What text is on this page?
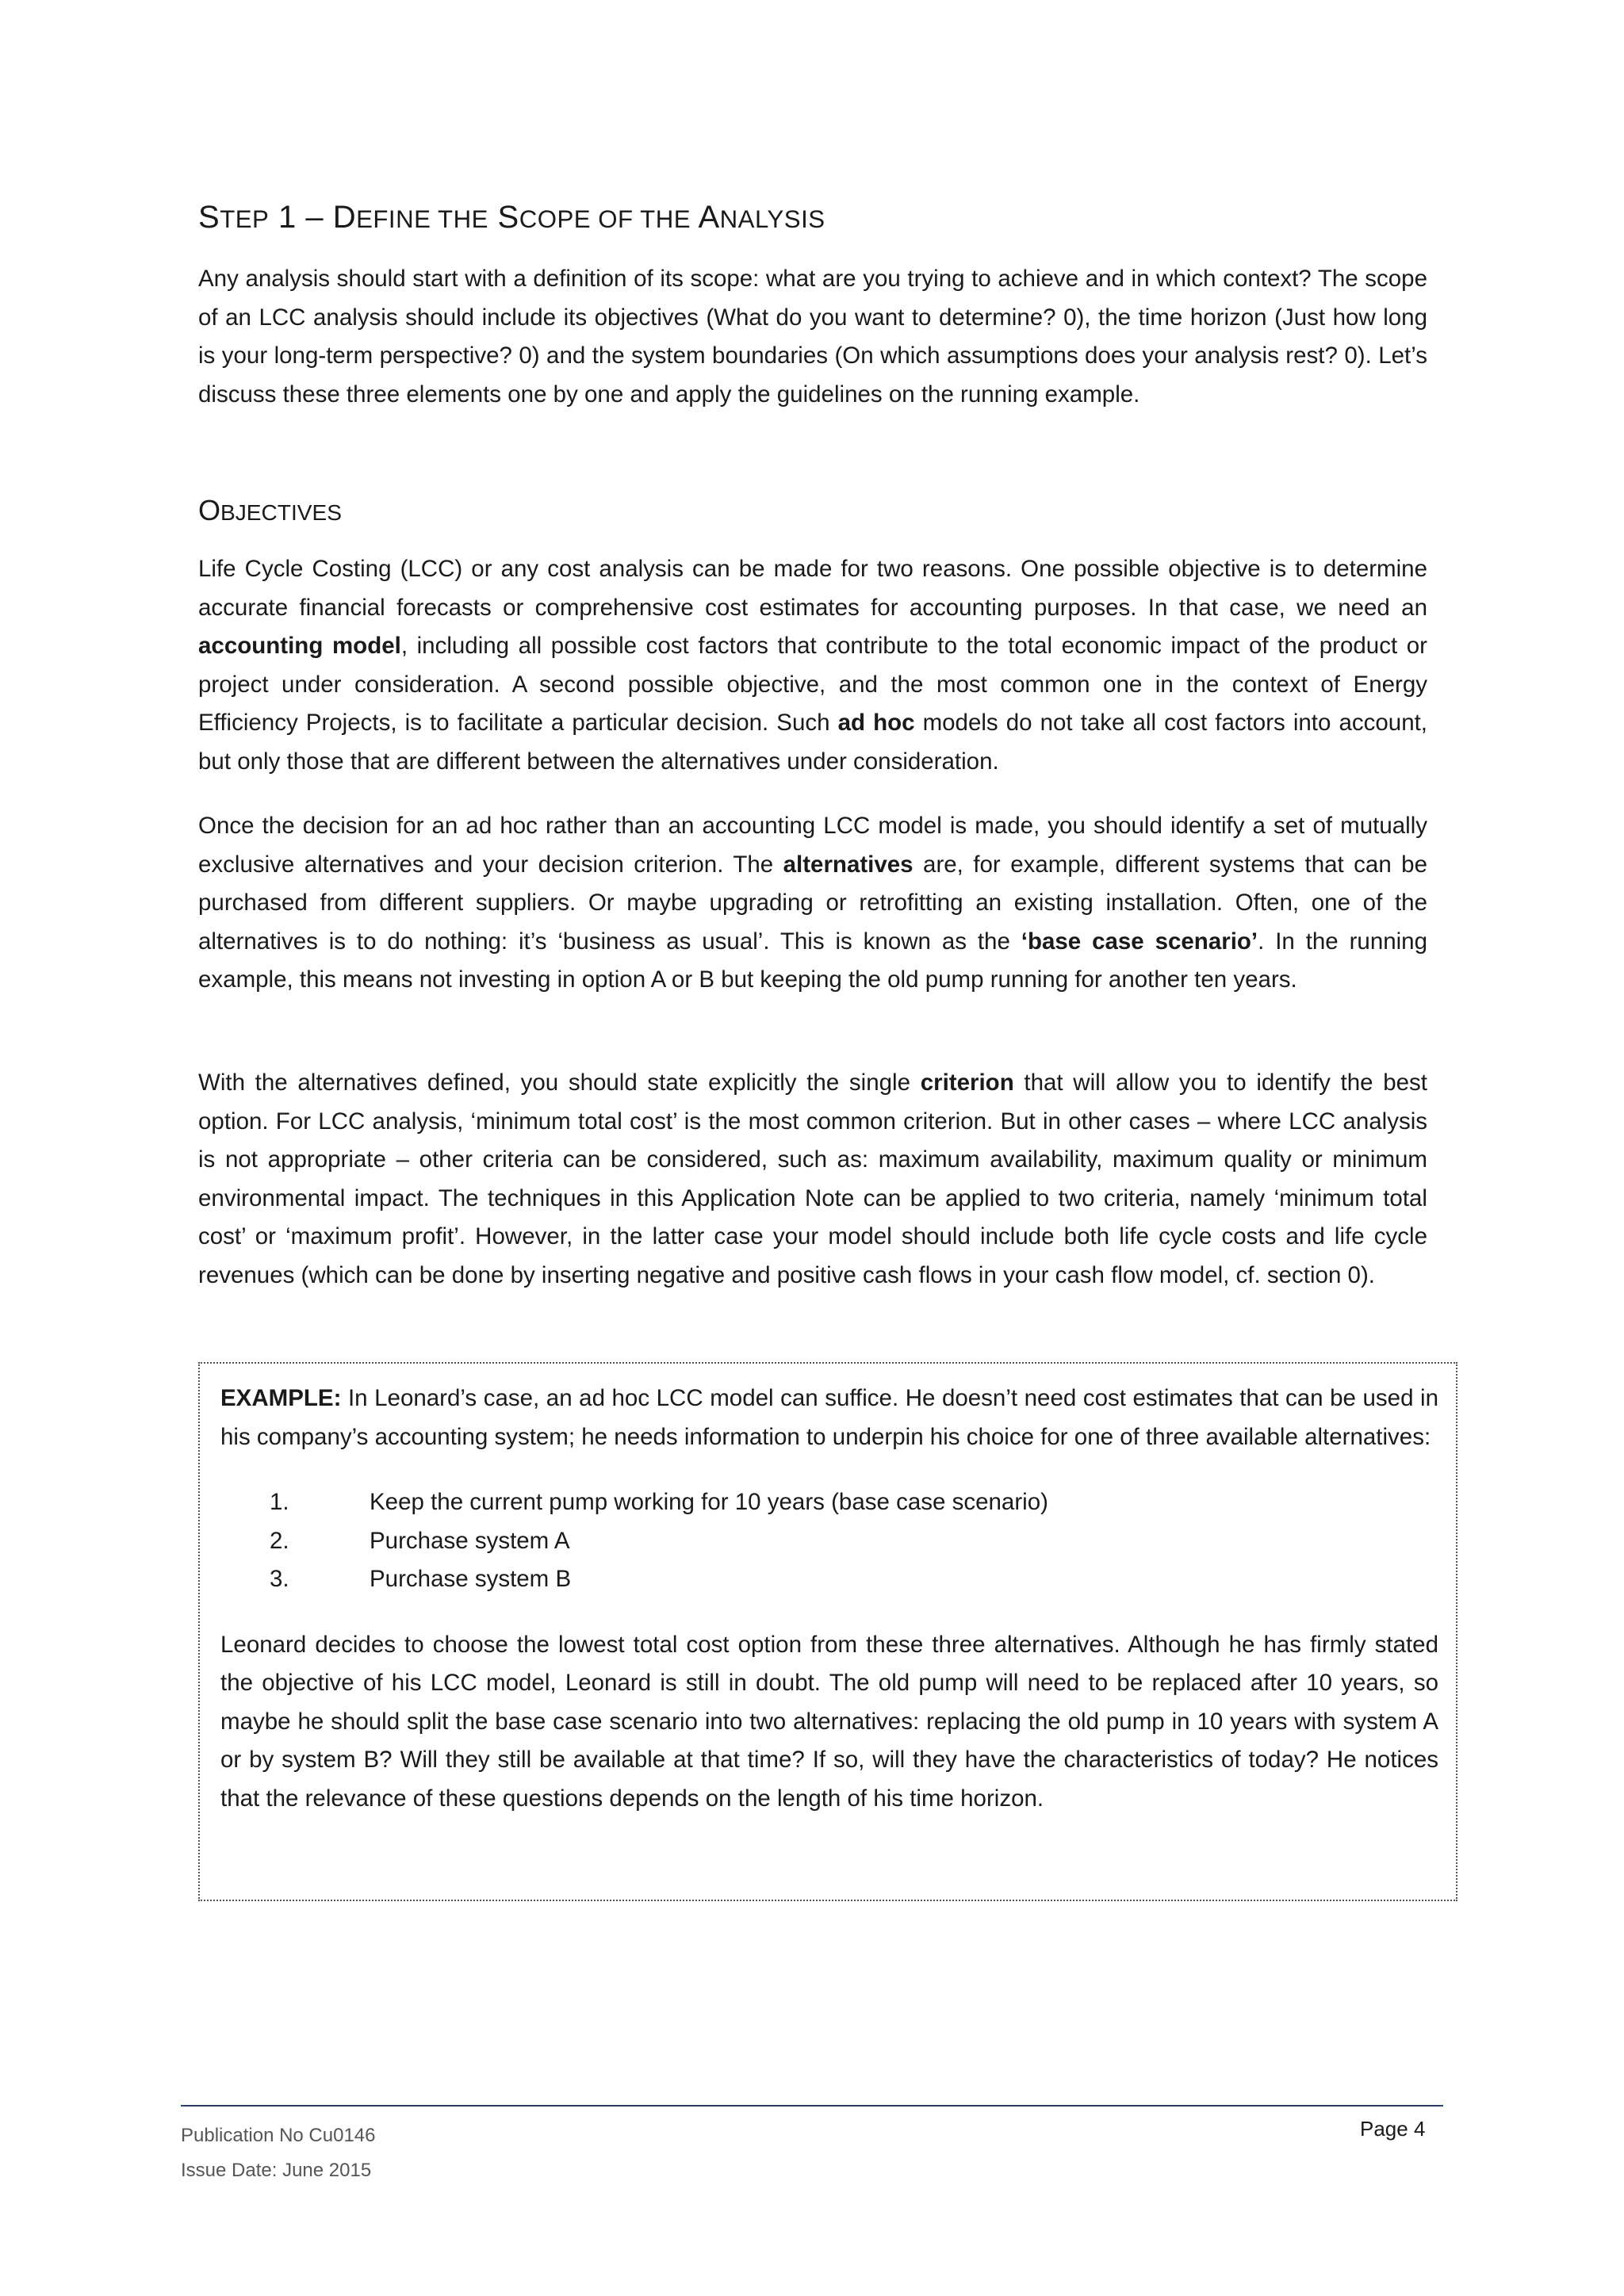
STEP 1 – DEFINE THE SCOPE OF THE ANALYSIS

Any analysis should start with a definition of its scope: what are you trying to achieve and in which context? The scope of an LCC analysis should include its objectives (What do you want to determine? 0), the time horizon (Just how long is your long-term perspective? 0) and the system boundaries (On which assumptions does your analysis rest? 0). Let’s discuss these three elements one by one and apply the guidelines on the running example.

OBJECTIVES

Life Cycle Costing (LCC) or any cost analysis can be made for two reasons. One possible objective is to determine accurate financial forecasts or comprehensive cost estimates for accounting purposes. In that case, we need an accounting model, including all possible cost factors that contribute to the total economic impact of the product or project under consideration. A second possible objective, and the most common one in the context of Energy Efficiency Projects, is to facilitate a particular decision. Such ad hoc models do not take all cost factors into account, but only those that are different between the alternatives under consideration.

Once the decision for an ad hoc rather than an accounting LCC model is made, you should identify a set of mutually exclusive alternatives and your decision criterion. The alternatives are, for example, different systems that can be purchased from different suppliers. Or maybe upgrading or retrofitting an existing installation. Often, one of the alternatives is to do nothing: it’s ‘business as usual’. This is known as the ‘base case scenario’. In the running example, this means not investing in option A or B but keeping the old pump running for another ten years.

With the alternatives defined, you should state explicitly the single criterion that will allow you to identify the best option. For LCC analysis, ‘minimum total cost’ is the most common criterion. But in other cases – where LCC analysis is not appropriate – other criteria can be considered, such as: maximum availability, maximum quality or minimum environmental impact. The techniques in this Application Note can be applied to two criteria, namely ‘minimum total cost’ or ‘maximum profit’. However, in the latter case your model should include both life cycle costs and life cycle revenues (which can be done by inserting negative and positive cash flows in your cash flow model, cf. section 0).

EXAMPLE: In Leonard’s case, an ad hoc LCC model can suffice. He doesn’t need cost estimates that can be used in his company’s accounting system; he needs information to underpin his choice for one of three available alternatives:

1.	Keep the current pump working for 10 years (base case scenario)
2.	Purchase system A
3.	Purchase system B

Leonard decides to choose the lowest total cost option from these three alternatives. Although he has firmly stated the objective of his LCC model, Leonard is still in doubt. The old pump will need to be replaced after 10 years, so maybe he should split the base case scenario into two alternatives: replacing the old pump in 10 years with system A or by system B? Will they still be available at that time? If so, will they have the characteristics of today? He notices that the relevance of these questions depends on the length of his time horizon.

Publication No Cu0146
Issue Date: June 2015
Page 4
